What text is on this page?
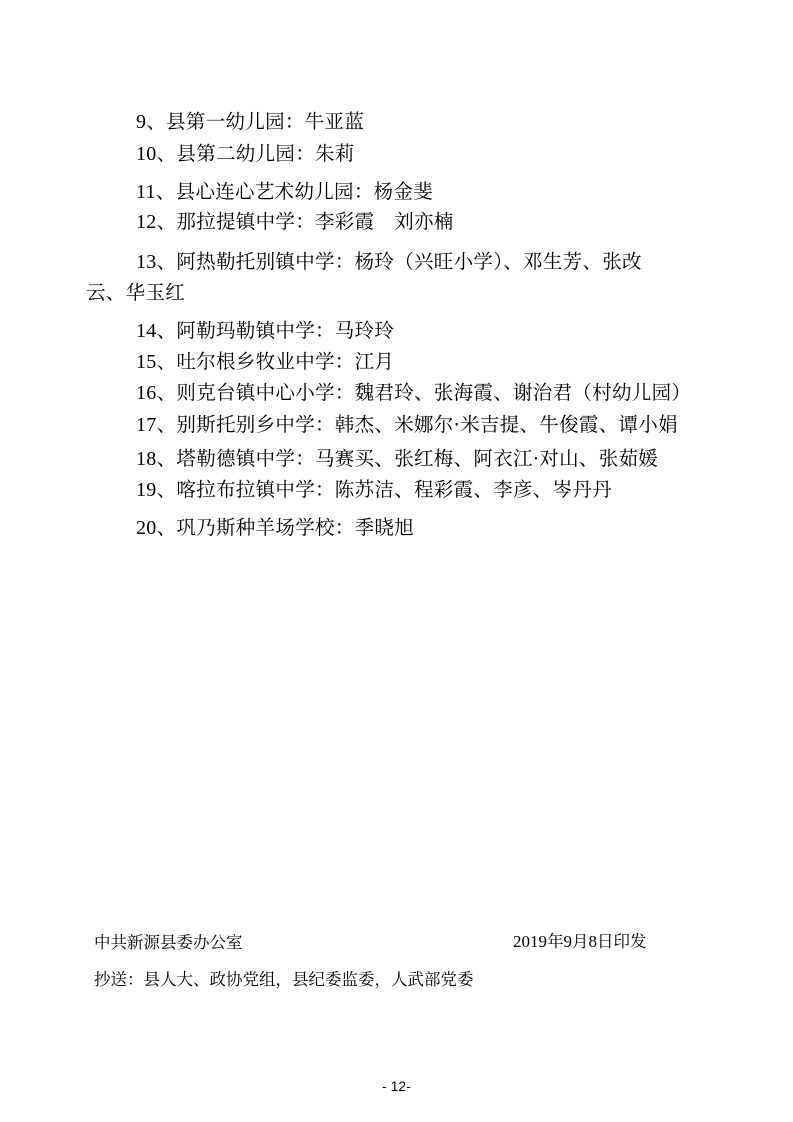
9、县第一幼儿园：牛亚蓝
10、县第二幼儿园：朱莉
11、县心连心艺术幼儿园：杨金斐
12、那拉提镇中学：李彩霞　刘亦楠
13、阿热勒托别镇中学：杨玲（兴旺小学）、邓生芳、张改
云、华玉红
14、阿勒玛勒镇中学：马玲玲
15、吐尔根乡牧业中学：江月
16、则克台镇中心小学：魏君玲、张海霞、谢治君（村幼儿园）
17、别斯托别乡中学：韩杰、米娜尔·米吉提、牛俊霞、谭小娟
18、塔勒德镇中学：马赛买、张红梅、阿衣江·对山、张茹媛
19、喀拉布拉镇中学：陈苏洁、程彩霞、李彦、岑丹丹
20、巩乃斯种羊场学校：季晓旭
中共新源县委办公室	2019年9月8日印发
抄送：县人大、政协党组，县纪委监委，人武部党委
- 12-
